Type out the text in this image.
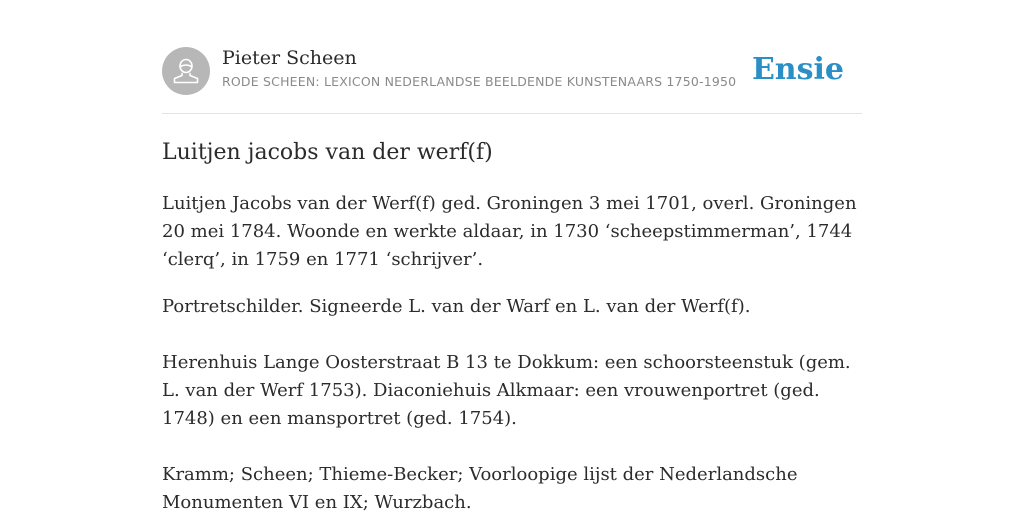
Pieter Scheen
RODE SCHEEN: LEXICON NEDERLANDSE BEELDENDE KUNSTENAARS 1750-1950 Ensie
Luitjen jacobs van der werf(f)

Luitjen Jacobs van der Werf(f) ged. Groningen 3 mei 1701, overl. Groningen 20 mei 1784. Woonde en werkte aldaar, in 1730 ‘scheepstimmerman’, 1744 ‘clerq’, in 1759 en 1771 ‘schrijver’.

Portretschilder. Signeerde L. van der Warf en L. van der Werf(f).

Herenhuis Lange Oosterstraat B 13 te Dokkum: een schoorsteenstuk (gem. L. van der Werf 1753). Diaconiehuis Alkmaar: een vrouwenportret (ged. 1748) en een mansportret (ged. 1754).

Kramm; Scheen; Thieme-Becker; Voorloopige lijst der Nederlandsche Monumenten VI en IX; Wurzbach.
